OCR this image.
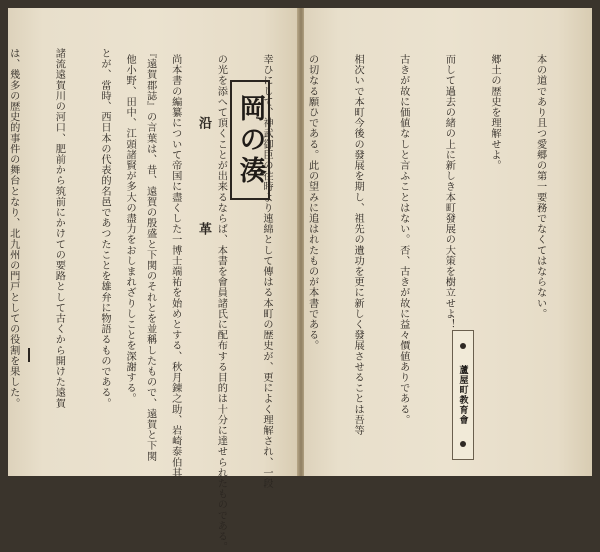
『遠賀郡誌』の言葉は、昔、遠賀の殷盛と下関のそれとを並稱したもので、遠賀と下関

とが、當時、西日本の代表的名邑であつたことを雄弁に物語るものである。

諸流遠賀川の河口、肥前から筑前にかけての要路として古くから開けた遠賀

は、幾多の歴史的事件の舞台となり、北九州の門戸としての役割を果した。

	沿
革
岡の湊

	本の道であり且つ愛郷の第一要務でなくてはならない。

郷土の歴史を理解せよ。

而して過去の緒の上に新しき本町發展の大策を樹立せよ！

古きが故に価値なしと言ふことはない。否、古きが故に益々價値ありである。

相次いで本町今後の發展を期し、祖先の遺功を更に新しく發展させることは吾等

の切なる願ひである。此の望みに追はれたものが本書である。

幸ひにして、神武御臣の往時より連綿として傳はる本町の歴史が、更によく理解され、一段

の光を添へて頂くことが出来るならば、本書を會員諸氏に配布する目的は十分に達せられたものである。

尚本書の編纂について帝国に盡くした一博士端祐を始めとする、秋月錬之助、岩崎泰伯其

他小野、田中、江頭諸賢が多大の盡力をおしまれざりしことを深謝する。

	蘆屋町教育會
